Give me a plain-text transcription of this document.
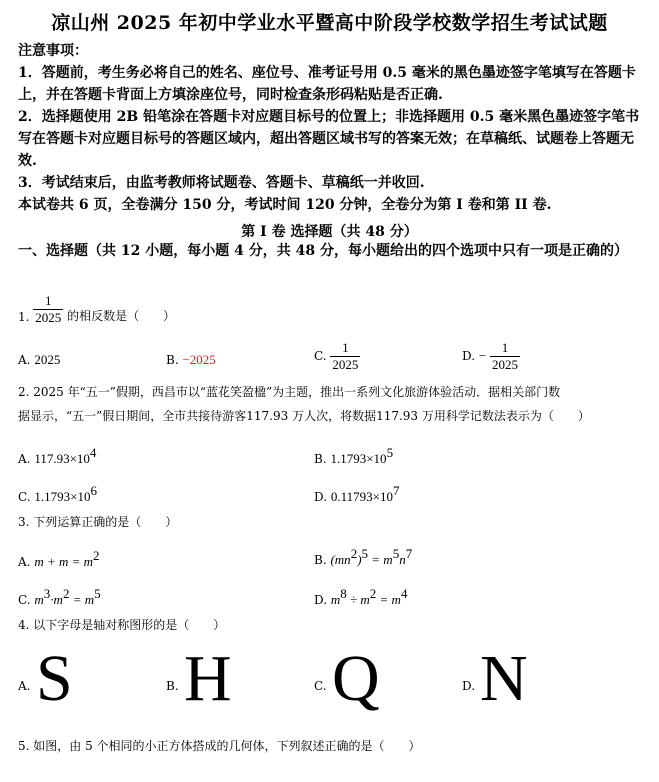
凉山州 2025 年初中学业水平暨高中阶段学校数学招生考试试题
注意事项：
1．答题前，考生务必将自己的姓名、座位号、准考证号用 0.5 毫米的黑色墨迹签字笔填写在答题卡上，并在答题卡背面上方填涂座位号，同时检查条形码粘贴是否正确.
2．选择题使用 2B 铅笔涂在答题卡对应题目标号的位置上；非选择题用 0.5 毫米黑色墨迹签字笔书写在答题卡对应题目标号的答题区域内，超出答题区域书写的答案无效；在草稿纸、试题卷上答题无效.
3．考试结束后，由监考教师将试题卷、答题卡、草稿纸一并收回.
本试卷共 6 页，全卷满分 150 分，考试时间 120 分钟，全卷分为第 I 卷和第 II 卷.
第 I 卷 选择题（共 48 分）
一、选择题（共 12 小题，每小题 4 分，共 48 分，每小题给出的四个选项中只有一项是正确的）
1. $\frac{1}{2025}$ 的相反数是（　　）
A. 2025	B. −2025	C. $\frac{1}{2025}$	D. − $\frac{1}{2025}$
2. 2025 年“五一”假期，西昌市以“蓝花笑盈楹”为主题，推出一系列文化旅游体验活动．据相关部门数
据显示，“五一”假日期间，全市共接待游客117.93 万人次，将数据117.93 万用科学记数法表示为（　　）
A. $117.93\times 10^4$	B. $1.1793\times 10^5$
C. $1.1793\times 10^6$	D. $0.11793\times 10^7$
3. 下列运算正确的是（　　）
A. $m + m = m^2$	B. $(mn^2)^5 = m^5n^7$
C. $m^3\cdot m^2 = m^5$	D. $m^8 \div m^2 = m^4$
4. 以下字母是轴对称图形的是（　　）
A. S	B. H	C. Q	D. N
5. 如图，由 5 个相同的小正方体搭成的几何体，下列叙述正确的是（　　）
